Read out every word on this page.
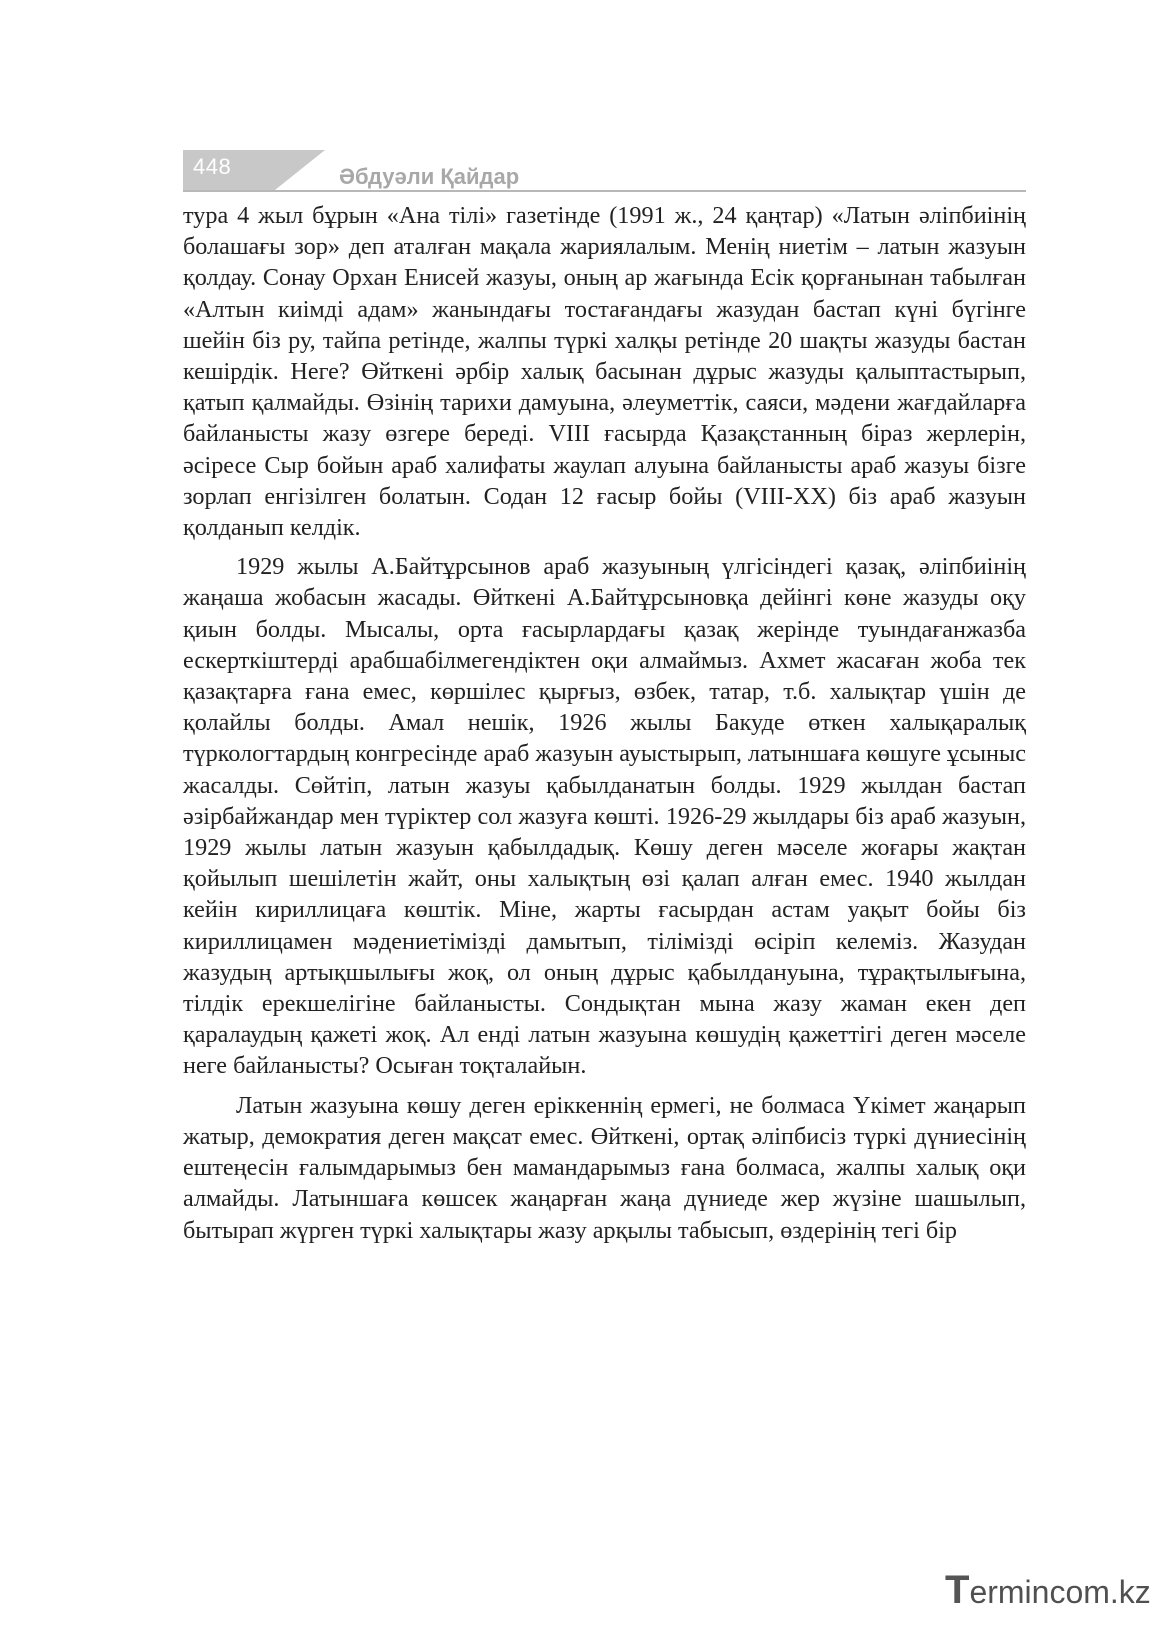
448	Әбдуәли Қайдар

тура 4 жыл бұрын «Ана тілі» газетінде (1991 ж., 24 қаңтар) «Латын әліпбиінің болашағы зор» деп аталған мақала жариялалым. Менің ниетім – латын жазуын қолдау. Сонау Орхан Енисей жазуы, оның ар жағында Есік қорғанынан табылған «Алтын киімді адам» жанындағы тостағандағы жазудан бастап күні бүгінге шейін біз ру, тайпа ретінде, жалпы түркі халқы ретінде 20 шақты жазуды бастан кешірдік. Неге? Өйткені әрбір халық басынан дұрыс жазуды қалыптастырып, қатып қалмайды. Өзінің тарихи дамуына, әлеуметтік, саяси, мәдени жағдайларға байланысты жазу өзгере береді. VIII ғасырда Қазақстанның біраз жерлерін, әсіресе Сыр бойын араб халифаты жаулап алуына байланысты араб жазуы бізге зорлап енгізілген болатын. Содан 12 ғасыр бойы (VIII-XX) біз араб жазуын қолданып келдік.

1929 жылы А.Байтұрсынов араб жазуының үлгісіндегі қазақ, әліпбиінің жаңаша жобасын жасады. Өйткені А.Байтұрсыновқа дейінгі көне жазуды оқу қиын болды. Мысалы, орта ғасырлардағы қазақ жерінде туындағанжазба ескерткіштерді арабшабілмегендіктен оқи алмаймыз. Ахмет жасаған жоба тек қазақтарға ғана емес, көршілес қырғыз, өзбек, татар, т.б. халықтар үшін де қолайлы болды. Амал нешік, 1926 жылы Бакуде өткен халықаралық түркологтардың конгресінде араб жазуын ауыстырып, латыншаға көшуге ұсыныс жасалды. Сөйтіп, латын жазуы қабылданатын болды. 1929 жылдан бастап әзірбайжандар мен түріктер сол жазуға көшті. 1926-29 жылдары біз араб жазуын, 1929 жылы латын жазуын қабылдадық. Көшу деген мәселе жоғары жақтан қойылып шешілетін жайт, оны халықтың өзі қалап алған емес. 1940 жылдан кейін кириллицаға көштік. Міне, жарты ғасырдан астам уақыт бойы біз кириллицамен мәдениетімізді дамытып, тілімізді өсіріп келеміз. Жазудан жазудың артықшылығы жоқ, ол оның дұрыс қабылдануына, тұрақтылығына, тілдік ерекшелігіне байланысты. Сондықтан мына жазу жаман екен деп қаралаудың қажеті жоқ. Ал енді латын жазуына көшудің қажеттігі деген мәселе неге байланысты? Осыған тоқталайын.

Латын жазуына көшу деген еріккеннің ермегі, не болмаса Үкімет жаңарып жатыр, демократия деген мақсат емес. Өйткені, ортақ әліпбисіз түркі дүниесінің ештеңесін ғалымдарымыз бен мамандарымыз ғана болмаса, жалпы халық оқи алмайды. Латыншаға көшсек жаңарған жаңа дүниеде жер жүзіне шашылып, бытырап жүрген түркі халықтары жазу арқылы табысып, өздерінің тегі бір

Termincom.kz
